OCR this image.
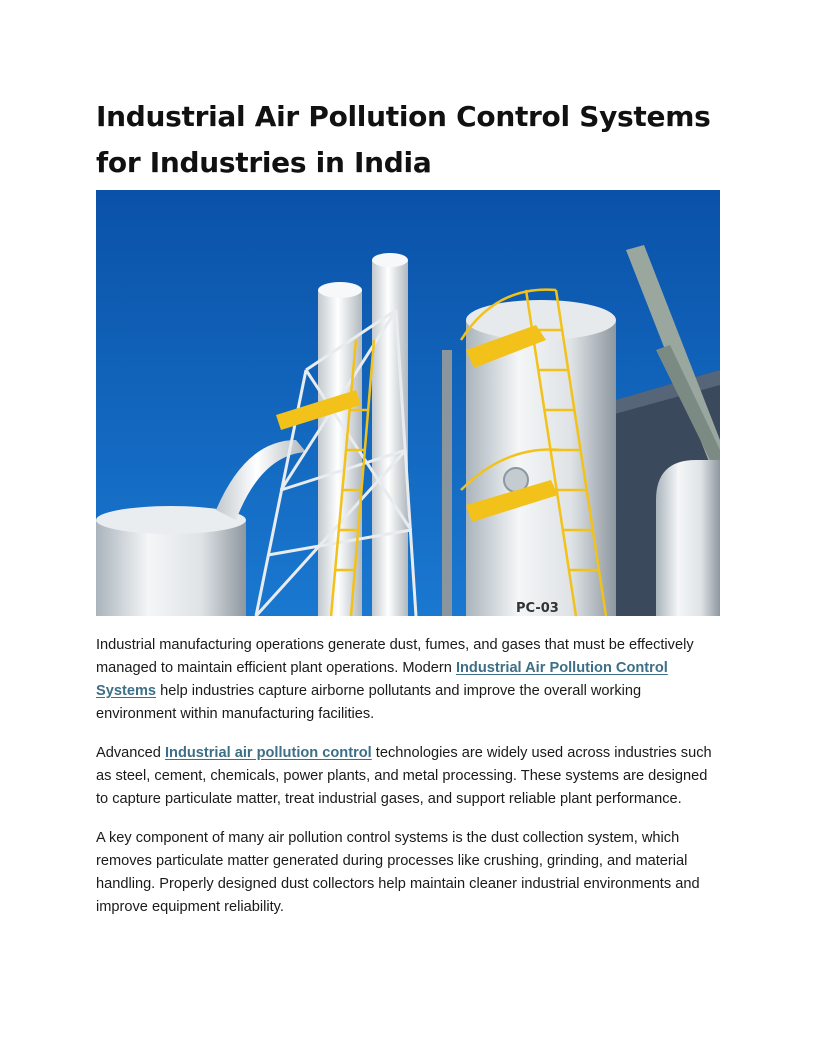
Industrial Air Pollution Control Systems for Industries in India
PC-03

Industrial manufacturing operations generate dust, fumes, and gases that must be effectively managed to maintain efficient plant operations. Modern Industrial Air Pollution Control Systems help industries capture airborne pollutants and improve the overall working environment within manufacturing facilities.

Advanced Industrial air pollution control technologies are widely used across industries such as steel, cement, chemicals, power plants, and metal processing. These systems are designed to capture particulate matter, treat industrial gases, and support reliable plant performance.

A key component of many air pollution control systems is the dust collection system, which removes particulate matter generated during processes like crushing, grinding, and material handling. Properly designed dust collectors help maintain cleaner industrial environments and improve equipment reliability.
